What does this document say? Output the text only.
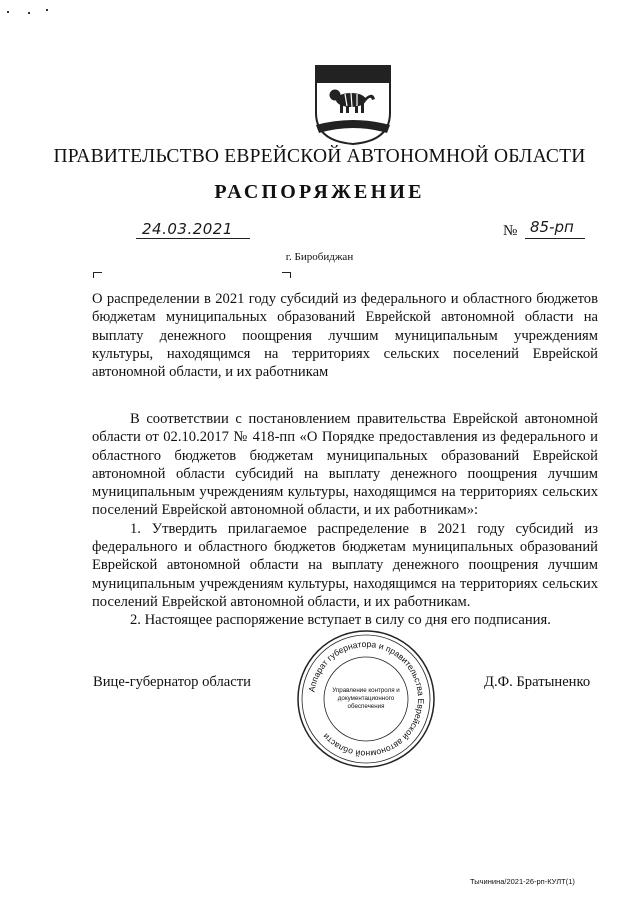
ПРАВИТЕЛЬСТВО ЕВРЕЙСКОЙ АВТОНОМНОЙ ОБЛАСТИ
РАСПОРЯЖЕНИЕ
24.03.2021	№ 85-рп
г. Биробиджан
О распределении в 2021 году субсидий из федерального и областного бюджетов бюджетам муниципальных образований Еврейской автономной области на выплату денежного поощрения лучшим муниципальным учреждениям культуры, находящимся на территориях сельских поселений Еврейской автономной области, и их работникам

В соответствии с постановлением правительства Еврейской автономной области от 02.10.2017 № 418-пп «О Порядке предоставления из федерального и областного бюджетов бюджетам муниципальных образований Еврейской автономной области субсидий на выплату денежного поощрения лучшим муниципальным учреждениям культуры, находящимся на территориях сельских поселений Еврейской автономной области, и их работникам»:

1. Утвердить прилагаемое распределение в 2021 году субсидий из федерального и областного бюджетов бюджетам муниципальных образований Еврейской автономной области на выплату денежного поощрения лучшим муниципальным учреждениям культуры, находящимся на территориях сельских поселений Еврейской автономной области, и их работникам.

2. Настоящее распоряжение вступает в силу со дня его подписания.

Вице-губернатор области	Д.Ф. Братыненко
Аппарат губернатора и правительства Еврейской автономной области
Управление контроля и
документационного
обеспечения
Тычинина/2021-26-рп-КУЛТ(1)
